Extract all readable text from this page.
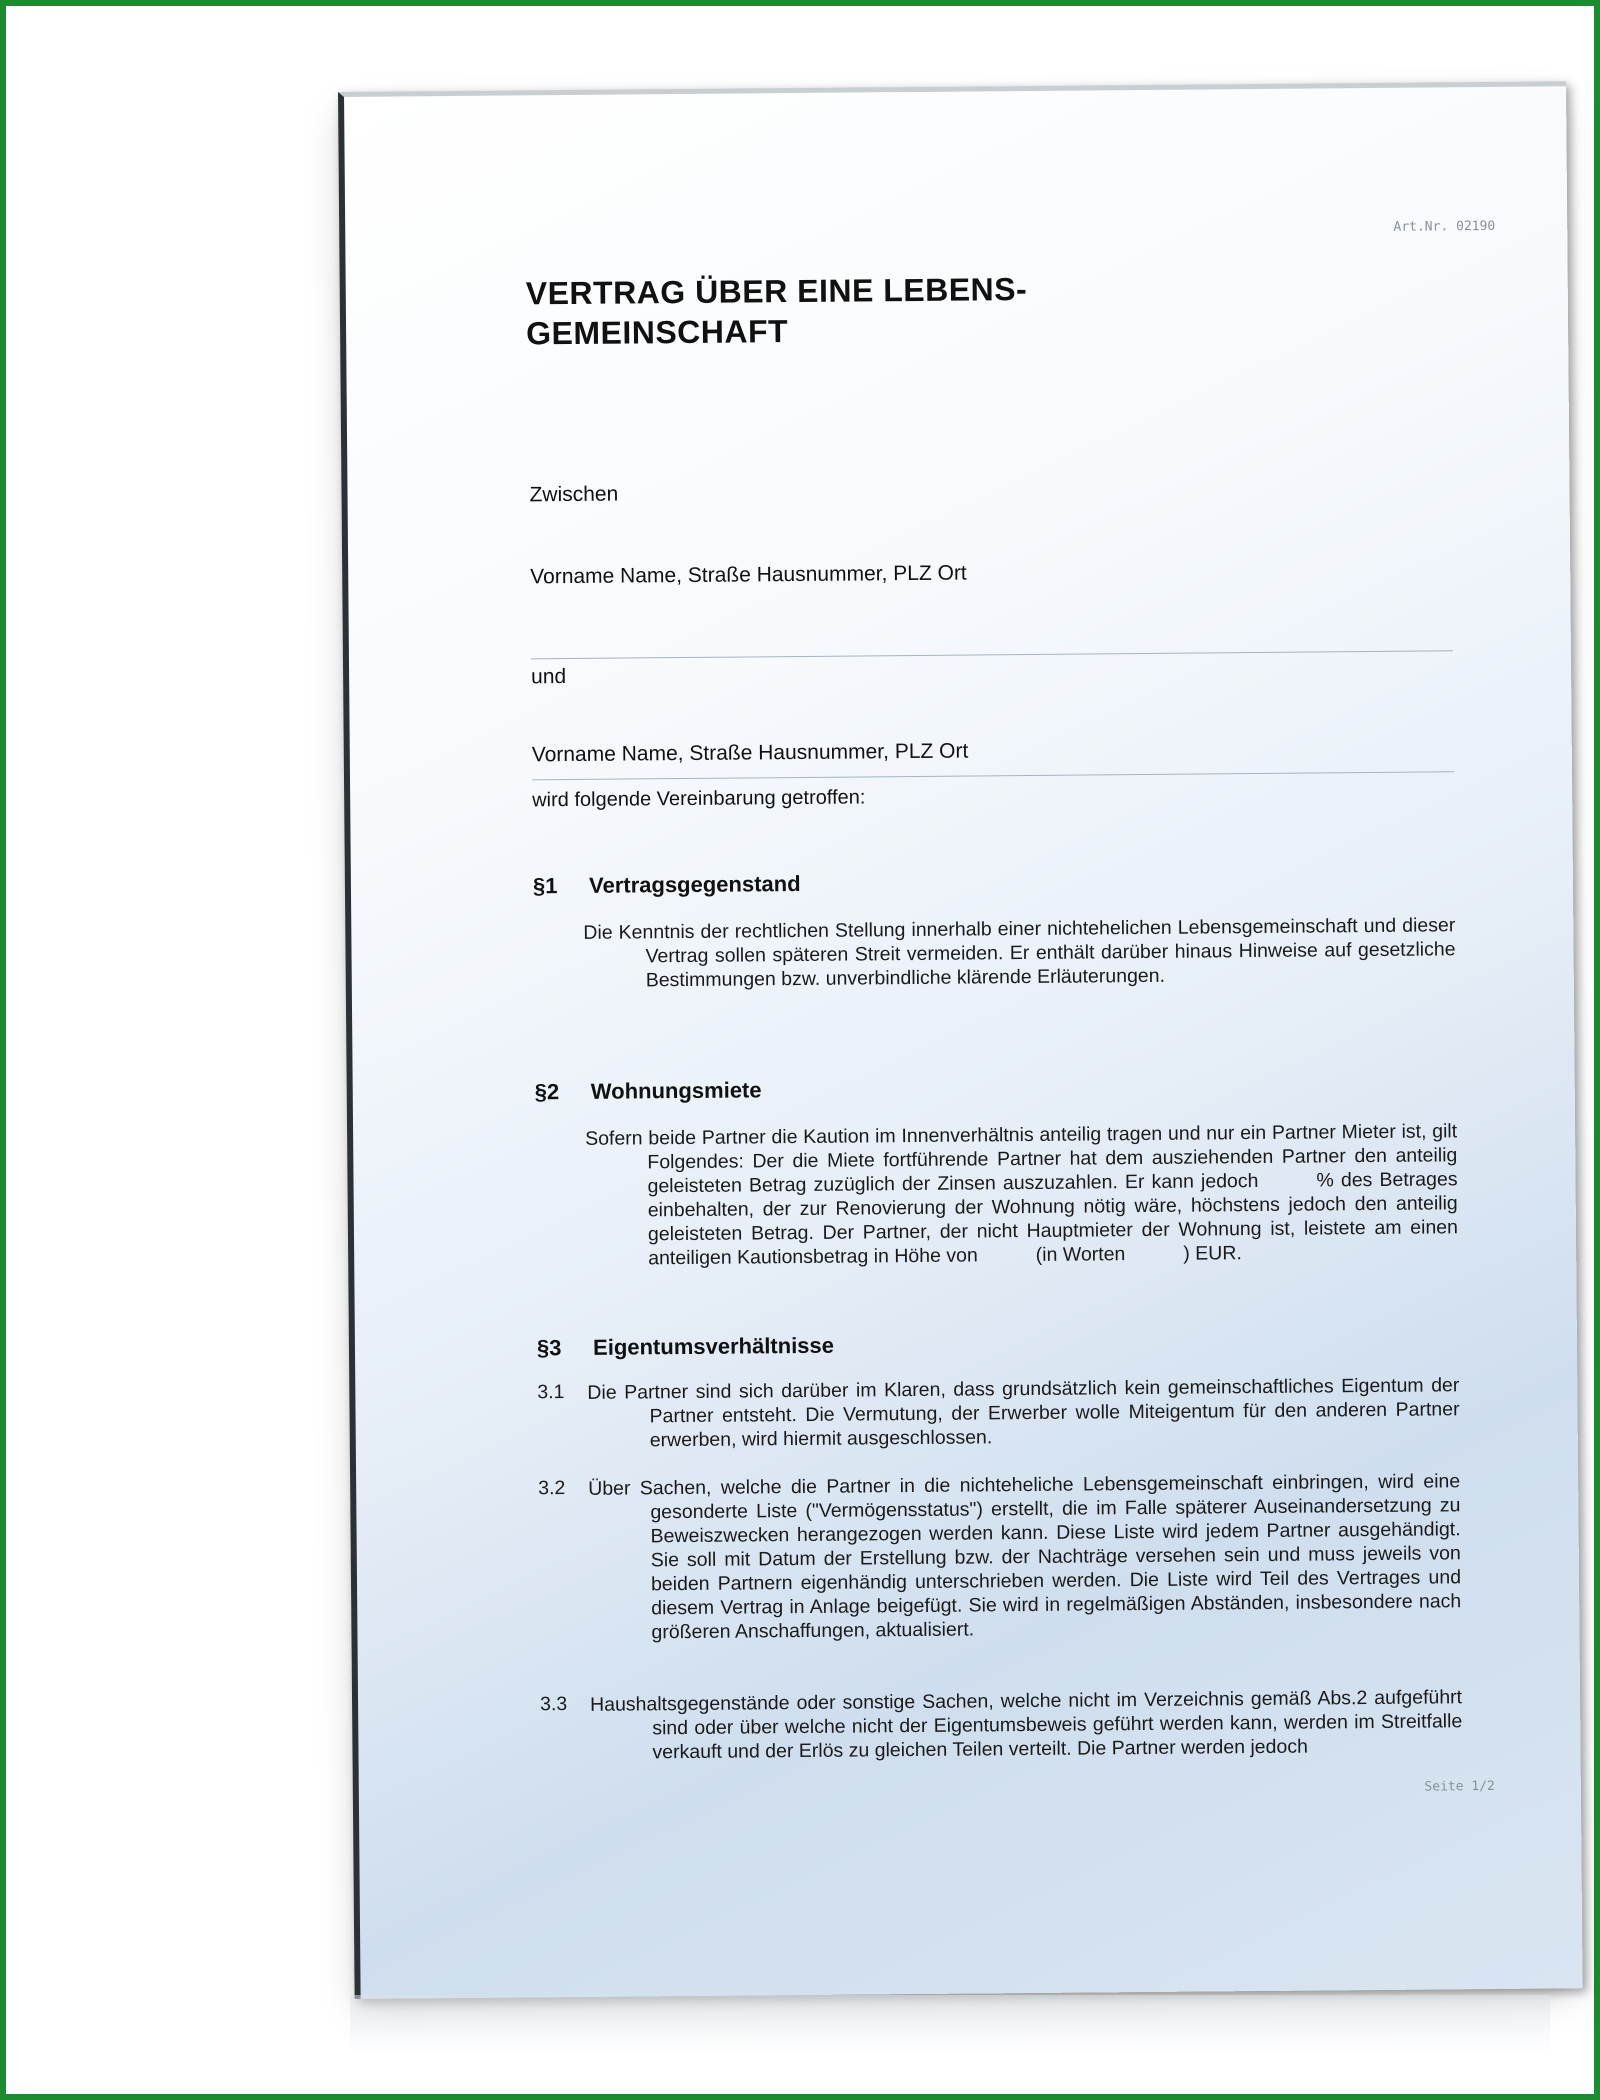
Art.Nr. 02190
VERTRAG ÜBER EINE LEBENS-
GEMEINSCHAFT
Zwischen
Vorname Name, Straße Hausnummer, PLZ Ort
und
Vorname Name, Straße Hausnummer, PLZ Ort
wird folgende Vereinbarung getroffen:
§1 Vertragsgegenstand
Die Kenntnis der rechtlichen Stellung innerhalb einer nichtehelichen Lebensgemeinschaft und dieser Vertrag sollen späteren Streit vermeiden. Er enthält darüber hinaus Hinweise auf gesetzliche Bestimmungen bzw. unverbindliche klärende Erläuterungen.
§2 Wohnungsmiete
Sofern beide Partner die Kaution im Innenverhältnis anteilig tragen und nur ein Partner Mieter ist, gilt Folgendes: Der die Miete fortführende Partner hat dem ausziehenden Partner den anteilig geleisteten Betrag zuzüglich der Zinsen auszuzahlen. Er kann jedoch	% des Betrages einbehalten, der zur Renovierung der Wohnung nötig wäre, höchstens jedoch den anteilig geleisteten Betrag. Der Partner, der nicht Hauptmieter der Wohnung ist, leistete am einen anteiligen Kautionsbetrag in Höhe von	(in Worten	) EUR.
§3 Eigentumsverhältnisse
3.1 Die Partner sind sich darüber im Klaren, dass grundsätzlich kein gemeinschaftliches Eigentum der Partner entsteht. Die Vermutung, der Erwerber wolle Miteigentum für den anderen Partner erwerben, wird hiermit ausgeschlossen.
3.2 Über Sachen, welche die Partner in die nichteheliche Lebensgemeinschaft einbringen, wird eine gesonderte Liste ("Vermögensstatus") erstellt, die im Falle späterer Auseinandersetzung zu Beweiszwecken herangezogen werden kann. Diese Liste wird jedem Partner ausgehändigt. Sie soll mit Datum der Erstellung bzw. der Nachträge versehen sein und muss jeweils von beiden Partnern eigenhändig unterschrieben werden. Die Liste wird Teil des Vertrages und diesem Vertrag in Anlage beigefügt. Sie wird in regelmäßigen Abständen, insbesondere nach größeren Anschaffungen, aktualisiert.
3.3 Haushaltsgegenstände oder sonstige Sachen, welche nicht im Verzeichnis gemäß Abs.2 aufgeführt sind oder über welche nicht der Eigentumsbeweis geführt werden kann, werden im Streitfalle verkauft und der Erlös zu gleichen Teilen verteilt. Die Partner werden jedoch
Seite 1/2
